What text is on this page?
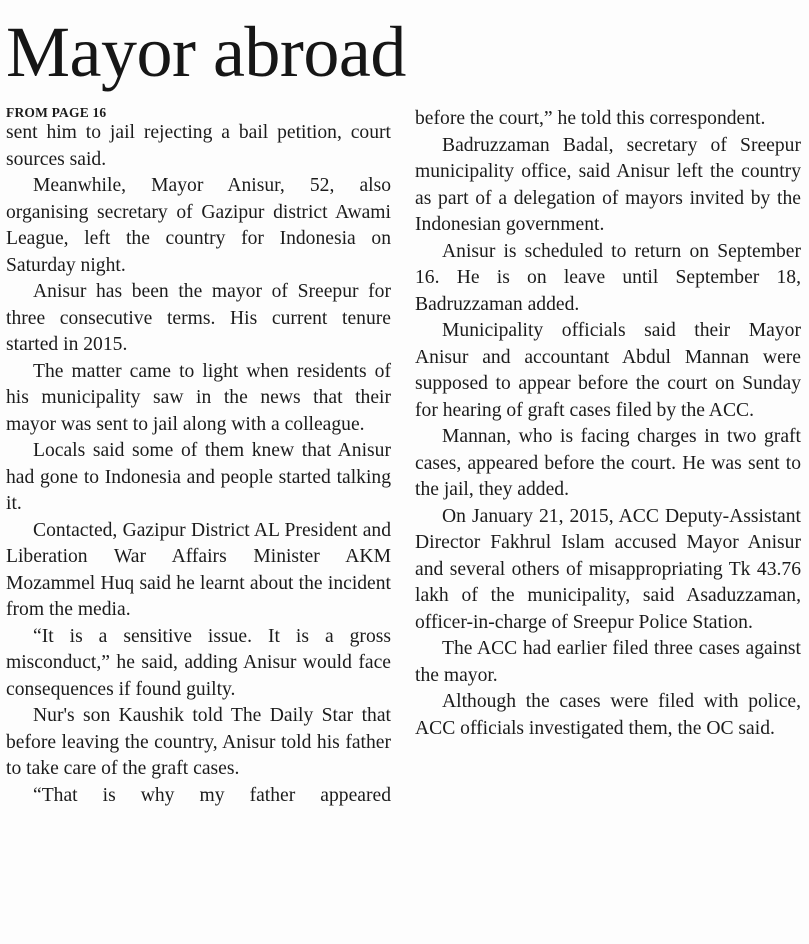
Mayor abroad
FROM PAGE 16

sent him to jail rejecting a bail petition, court sources said.

Meanwhile, Mayor Anisur, 52, also organising secretary of Gazipur district Awami League, left the country for Indonesia on Saturday night.

Anisur has been the mayor of Sreepur for three consecutive terms. His current tenure started in 2015.

The matter came to light when residents of his municipality saw in the news that their mayor was sent to jail along with a colleague.

Locals said some of them knew that Anisur had gone to Indonesia and people started talking it.

Contacted, Gazipur District AL President and Liberation War Affairs Minister AKM Mozammel Huq said he learnt about the incident from the media.

“It is a sensitive issue. It is a gross misconduct,” he said, adding Anisur would face consequences if found guilty.

Nur's son Kaushik told The Daily Star that before leaving the country, Anisur told his father to take care of the graft cases.

“That is why my father appeared

before the court,” he told this correspondent.

Badruzzaman Badal, secretary of Sreepur municipality office, said Anisur left the country as part of a delegation of mayors invited by the Indonesian government.

Anisur is scheduled to return on September 16. He is on leave until September 18, Badruzzaman added.

Municipality officials said their Mayor Anisur and accountant Abdul Mannan were supposed to appear before the court on Sunday for hearing of graft cases filed by the ACC.

Mannan, who is facing charges in two graft cases, appeared before the court. He was sent to the jail, they added.

On January 21, 2015, ACC Deputy-Assistant Director Fakhrul Islam accused Mayor Anisur and several others of misappropriating Tk 43.76 lakh of the municipality, said Asaduzzaman, officer-in-charge of Sreepur Police Station.

The ACC had earlier filed three cases against the mayor.

Although the cases were filed with police, ACC officials investigated them, the OC said.
